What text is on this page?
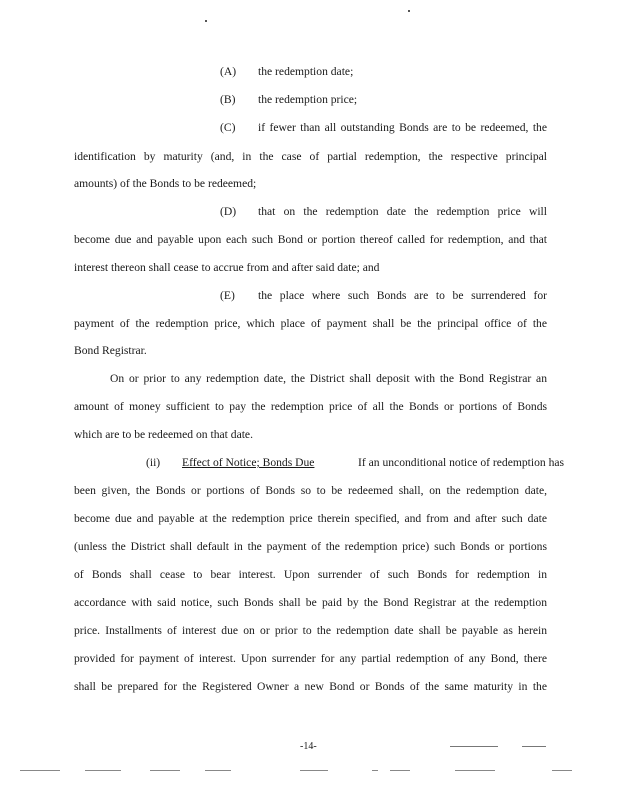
(A) the redemption date;
(B) the redemption price;
(C) if fewer than all outstanding Bonds are to be redeemed, the
identification by maturity (and, in the case of partial redemption, the respective principal
amounts) of the Bonds to be redeemed;
(D) that on the redemption date the redemption price will
become due and payable upon each such Bond or portion thereof called for redemption, and that
interest thereon shall cease to accrue from and after said date; and
(E) the place where such Bonds are to be surrendered for
payment of the redemption price, which place of payment shall be the principal office of the
Bond Registrar.
On or prior to any redemption date, the District shall deposit with the Bond Registrar an
amount of money sufficient to pay the redemption price of all the Bonds or portions of Bonds
which are to be redeemed on that date.
(ii) Effect of Notice; Bonds Due	If an unconditional notice of redemption has
been given, the Bonds or portions of Bonds so to be redeemed shall, on the redemption date,
become due and payable at the redemption price therein specified, and from and after such date
(unless the District shall default in the payment of the redemption price) such Bonds or portions
of Bonds shall cease to bear interest. Upon surrender of such Bonds for redemption in
accordance with said notice, such Bonds shall be paid by the Bond Registrar at the redemption
price. Installments of interest due on or prior to the redemption date shall be payable as herein
provided for payment of interest. Upon surrender for any partial redemption of any Bond, there
shall be prepared for the Registered Owner a new Bond or Bonds of the same maturity in the
-14-
